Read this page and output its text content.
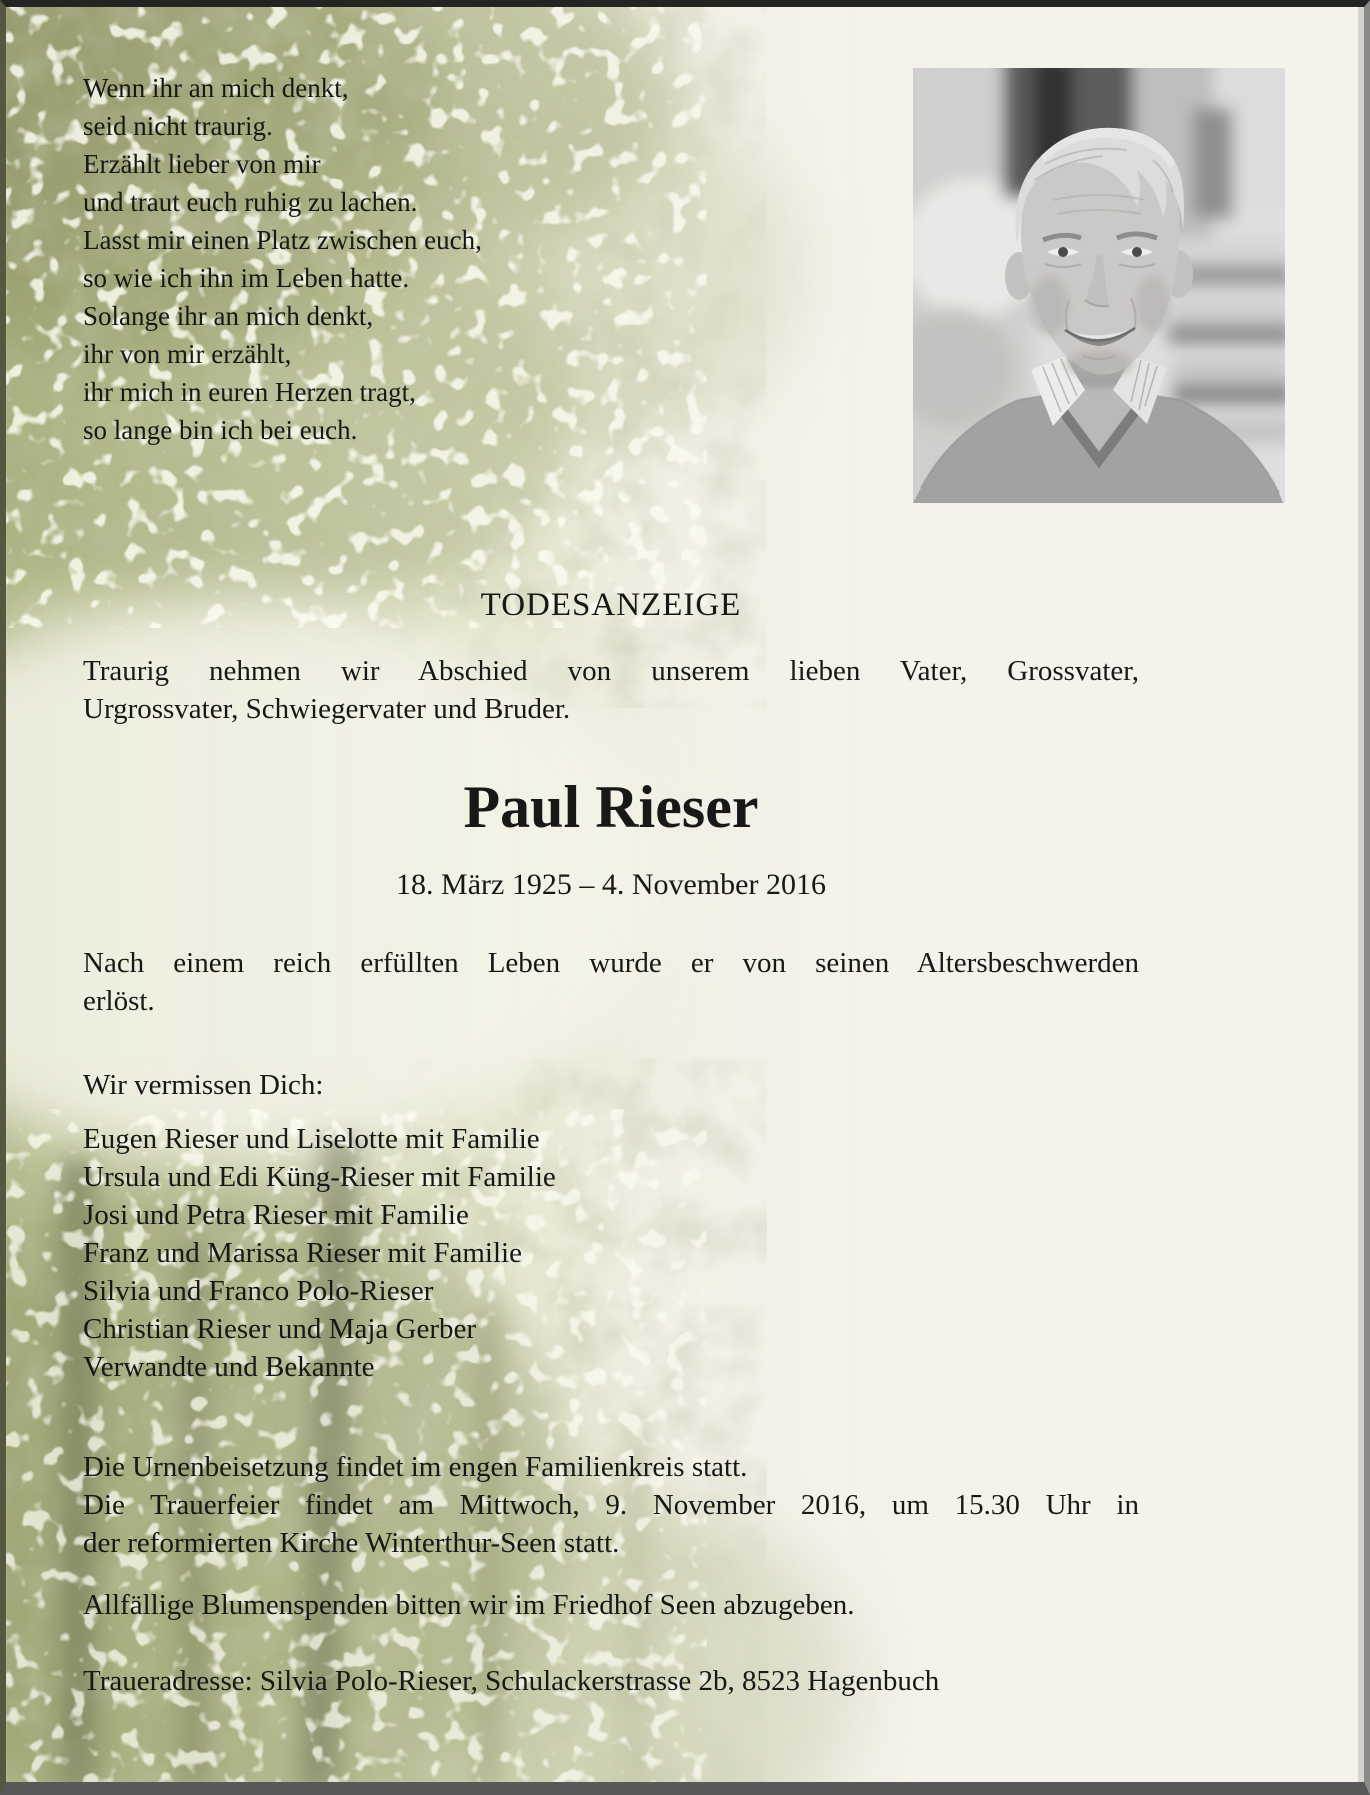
Wenn ihr an mich denkt,
seid nicht traurig.
Erzählt lieber von mir
und traut euch ruhig zu lachen.
Lasst mir einen Platz zwischen euch,
so wie ich ihn im Leben hatte.
Solange ihr an mich denkt,
ihr von mir erzählt,
ihr mich in euren Herzen tragt,
so lange bin ich bei euch.
TODESANZEIGE
Traurig nehmen wir Abschied von unserem lieben Vater, Grossvater,
Urgrossvater, Schwiegervater und Bruder.
Paul Rieser
18. März 1925 – 4. November 2016
Nach einem reich erfüllten Leben wurde er von seinen Altersbeschwerden
erlöst.
Wir vermissen Dich:
Eugen Rieser und Liselotte mit Familie
Ursula und Edi Küng-Rieser mit Familie
Josi und Petra Rieser mit Familie
Franz und Marissa Rieser mit Familie
Silvia und Franco Polo-Rieser
Christian Rieser und Maja Gerber
Verwandte und Bekannte

Die Urnenbeisetzung findet im engen Familienkreis statt.

Die Trauerfeier findet am Mittwoch, 9. November 2016, um 15.30 Uhr in
der reformierten Kirche Winterthur-Seen statt.

Allfällige Blumenspenden bitten wir im Friedhof Seen abzugeben.

Traueradresse: Silvia Polo-Rieser, Schulackerstrasse 2b, 8523 Hagenbuch
